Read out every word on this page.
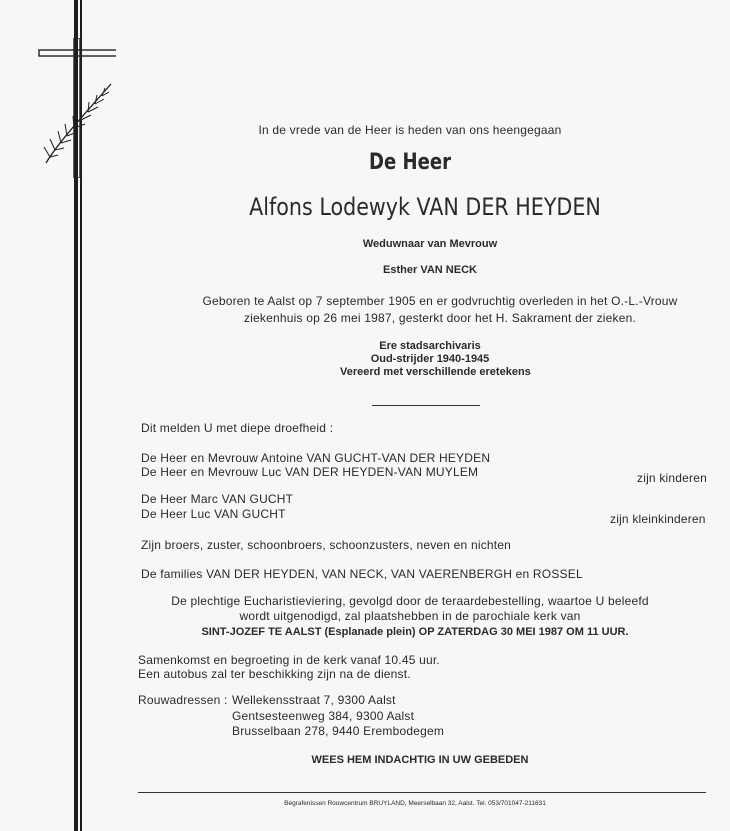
In de vrede van de Heer is heden van ons heengegaan
De Heer
Alfons Lodewyk VAN DER HEYDEN
Weduwnaar van Mevrouw
Esther VAN NECK
Geboren te Aalst op 7 september 1905 en er godvruchtig overleden in het O.-L.-Vrouw
ziekenhuis op 26 mei 1987, gesterkt door het H. Sakrament der zieken.
Ere stadsarchivaris
Oud-strijder 1940-1945
Vereerd met verschillende eretekens
Dit melden U met diepe droefheid :
De Heer en Mevrouw Antoine VAN GUCHT-VAN DER HEYDEN
De Heer en Mevrouw Luc VAN DER HEYDEN-VAN MUYLEM	zijn kinderen
De Heer Marc VAN GUCHT
De Heer Luc VAN GUCHT	zijn kleinkinderen
Zijn broers, zuster, schoonbroers, schoonzusters, neven en nichten
De families VAN DER HEYDEN, VAN NECK, VAN VAERENBERGH en ROSSEL
De plechtige Eucharistieviering, gevolgd door de teraardebestelling, waartoe U beleefd
wordt uitgenodigd, zal plaatshebben in de parochiale kerk van
SINT-JOZEF TE AALST (Esplanade plein) OP ZATERDAG 30 MEI 1987 OM 11 UUR.
Samenkomst en begroeting in de kerk vanaf 10.45 uur.
Een autobus zal ter beschikking zijn na de dienst.
Rouwadressen : Wellekensstraat 7, 9300 Aalst
Gentsesteenweg 384, 9300 Aalst
Brusselbaan 278, 9440 Erembodegem
WEES HEM INDACHTIG IN UW GEBEDEN
Begrafenissen Rouwcentrum BRUYLAND, Meerselbaan 32, Aalst. Tel. 053/701047-211631
